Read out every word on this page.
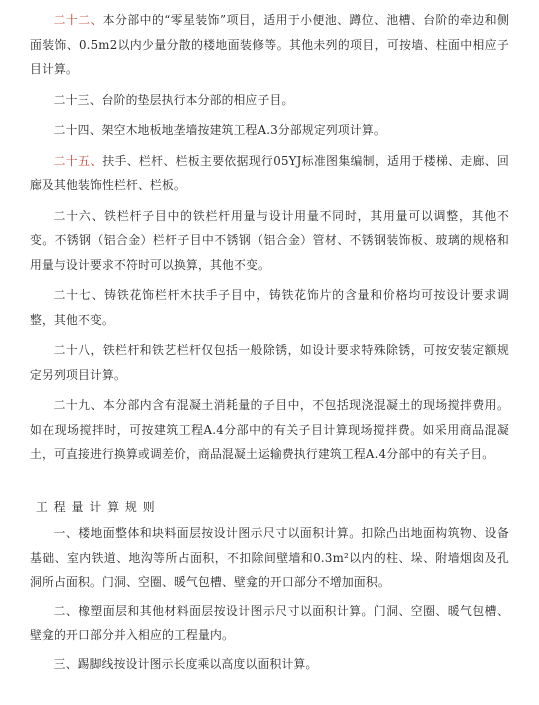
二十二、本分部中的“零星装饰”项目，适用于小便池、蹲位、池槽、台阶的牵边和侧面装饰、0.5m2以内少量分散的楼地面装修等。其他未列的项目，可按墙、柱面中相应子目计算。

二十三、台阶的垫层执行本分部的相应子目。

二十四、架空木地板地垄墙按建筑工程A.3分部规定列项计算。

二十五、扶手、栏杆、栏板主要依据现行05YJ标准图集编制，适用于楼梯、走廊、回廊及其他装饰性栏杆、栏板。

二十六、铁栏杆子目中的铁栏杆用量与设计用量不同时，其用量可以调整，其他不变。不锈钢（铝合金）栏杆子目中不锈钢（铝合金）管材、不锈钢装饰板、玻璃的规格和用量与设计要求不符时可以换算，其他不变。

二十七、铸铁花饰栏杆木扶手子目中，铸铁花饰片的含量和价格均可按设计要求调整，其他不变。

二十八，铁栏杆和铁艺栏杆仅包括一般除锈，如设计要求特殊除锈，可按安装定额规定另列项目计算。

二十九、本分部内含有混凝土消耗量的子目中，不包括现浇混凝土的现场搅拌费用。如在现场搅拌时，可按建筑工程A.4分部中的有关子目计算现场搅拌费。如采用商品混凝土，可直接进行换算或调差价，商品混凝土运输费执行建筑工程A.4分部中的有关子目。

工程量计算规则

一、楼地面整体和块料面层按设计图示尺寸以面积计算。扣除凸出地面构筑物、设备基础、室内铁道、地沟等所占面积，不扣除间壁墙和0.3m²以内的柱、垛、附墙烟囱及孔洞所占面积。门洞、空圈、暖气包槽、壁龛的开口部分不增加面积。

二、橡塑面层和其他材料面层按设计图示尺寸以面积计算。门洞、空圈、暖气包槽、壁龛的开口部分并入相应的工程量内。

三、踢脚线按设计图示长度乘以高度以面积计算。
